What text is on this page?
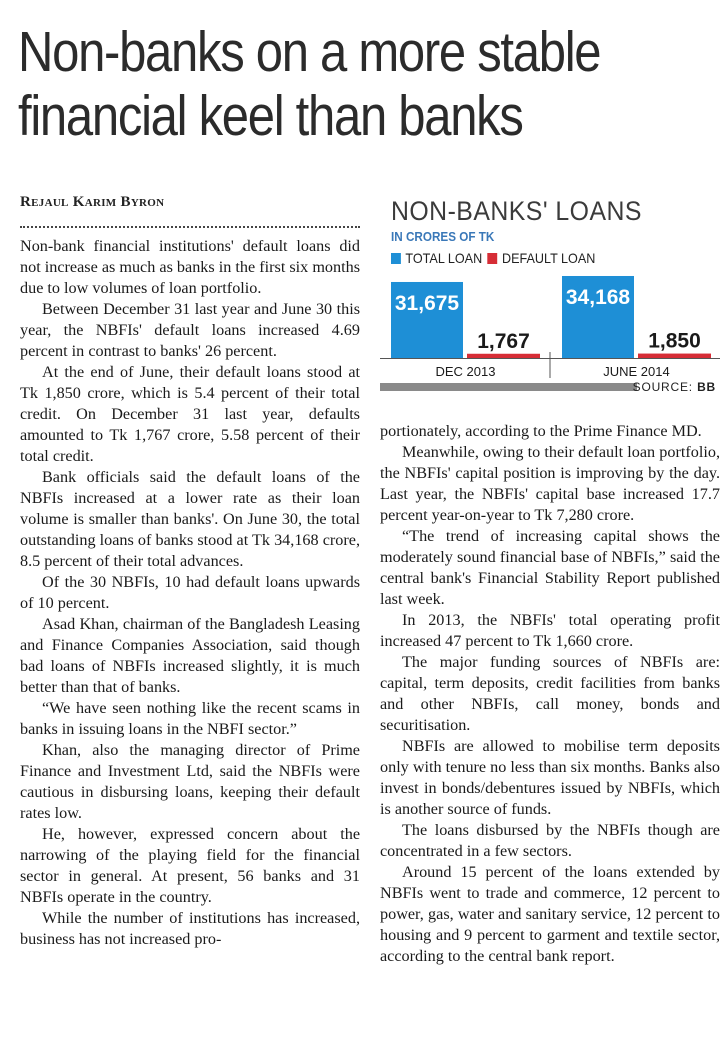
Non-banks on a more stable
financial keel than banks
Rejaul Karim Byron

Non-bank financial institutions' default loans did not increase as much as banks in the first six months due to low volumes of loan portfolio.

Between December 31 last year and June 30 this year, the NBFIs' default loans increased 4.69 percent in contrast to banks' 26 percent.

At the end of June, their default loans stood at Tk 1,850 crore, which is 5.4 percent of their total credit. On December 31 last year, defaults amounted to Tk 1,767 crore, 5.58 percent of their total credit.

Bank officials said the default loans of the NBFIs increased at a lower rate as their loan volume is smaller than banks'. On June 30, the total outstanding loans of banks stood at Tk 34,168 crore, 8.5 percent of their total advances.

Of the 30 NBFIs, 10 had default loans upwards of 10 percent.

Asad Khan, chairman of the Bangladesh Leasing and Finance Companies Association, said though bad loans of NBFIs increased slightly, it is much better than that of banks.

“We have seen nothing like the recent scams in banks in issuing loans in the NBFI sector.”

Khan, also the managing director of Prime Finance and Investment Ltd, said the NBFIs were cautious in disbursing loans, keeping their default rates low.

He, however, expressed concern about the narrowing of the playing field for the financial sector in general. At present, 56 banks and 31 NBFIs operate in the country.

While the number of institutions has increased, business has not increased pro-

NON-BANKS' LOANS
IN CRORES OF TK
TOTAL LOAN DEFAULT LOAN
31,675
1,767
DEC 2013
34,168
1,850
JUNE 2014
SOURCE: BB

portionately, according to the Prime Finance MD.

Meanwhile, owing to their default loan portfolio, the NBFIs' capital position is improving by the day. Last year, the NBFIs' capital base increased 17.7 percent year-on-year to Tk 7,280 crore.

“The trend of increasing capital shows the moderately sound financial base of NBFIs,” said the central bank's Financial Stability Report published last week.

In 2013, the NBFIs' total operating profit increased 47 percent to Tk 1,660 crore.

The major funding sources of NBFIs are: capital, term deposits, credit facilities from banks and other NBFIs, call money, bonds and securitisation.

NBFIs are allowed to mobilise term deposits only with tenure no less than six months. Banks also invest in bonds/debentures issued by NBFIs, which is another source of funds.

The loans disbursed by the NBFIs though are concentrated in a few sectors.

Around 15 percent of the loans extended by NBFIs went to trade and commerce, 12 percent to power, gas, water and sanitary service, 12 percent to housing and 9 percent to garment and textile sector, according to the central bank report.
